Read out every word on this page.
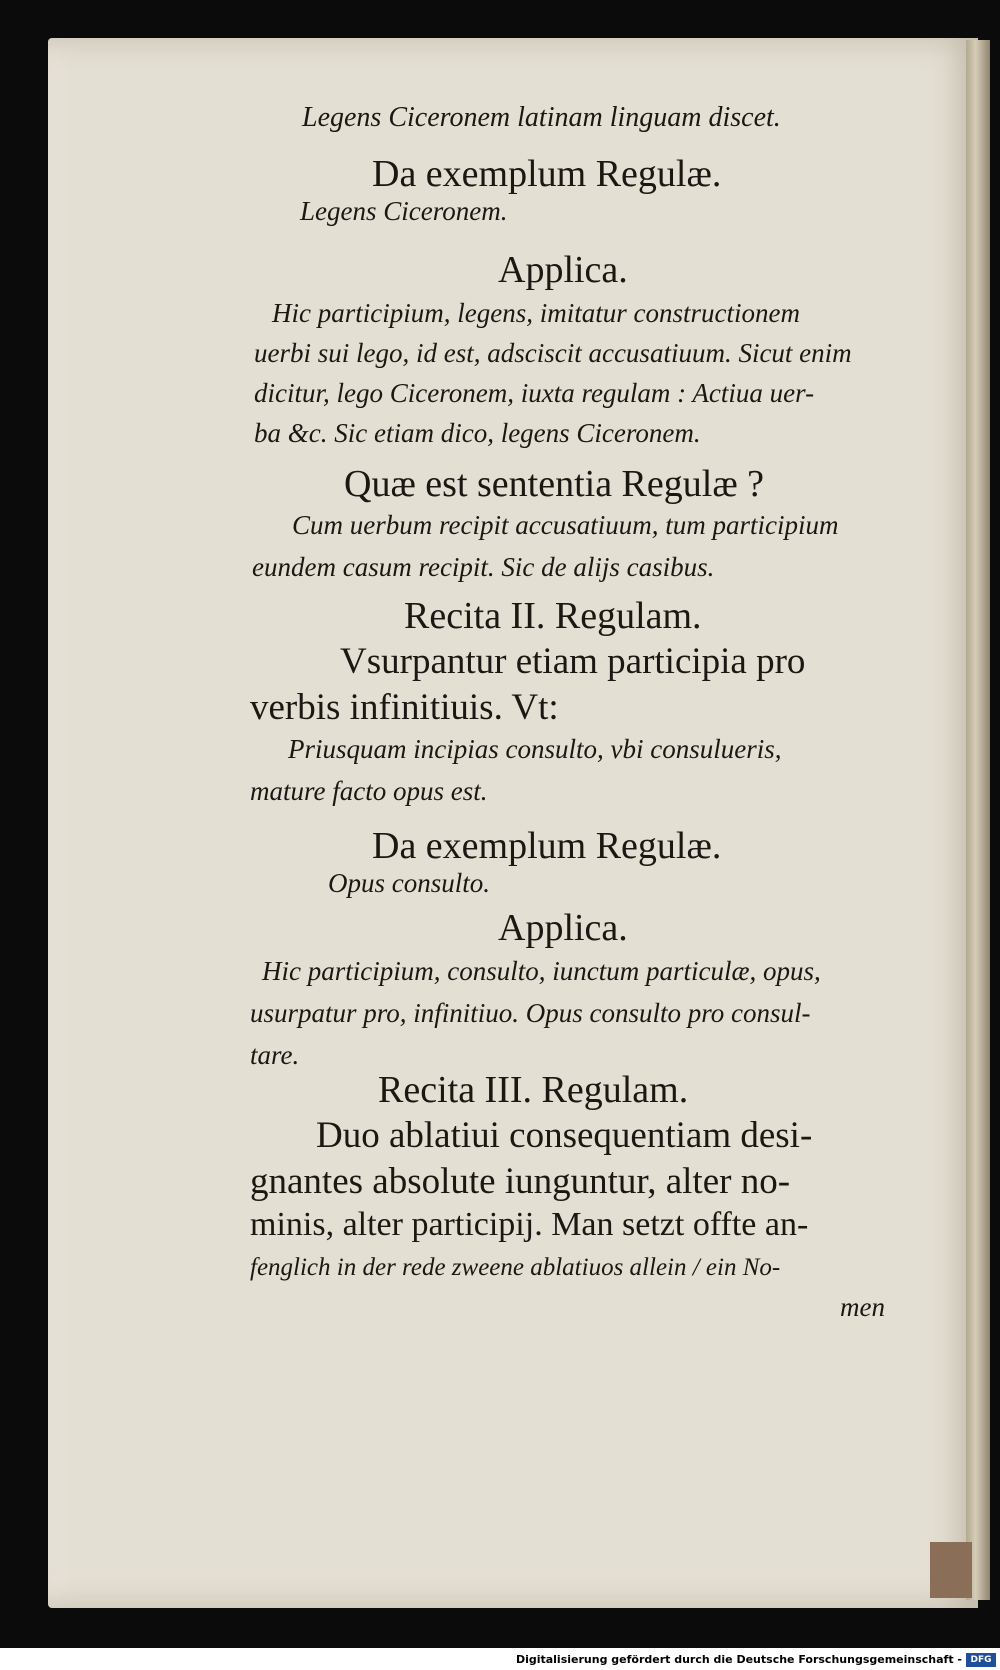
Legens Ciceronem latinam linguam discet.
Da exemplum Regulæ.
Legens Ciceronem.
Applica.
Hic participium, legens, imitatur constructionem
uerbi sui lego, id est, adsciscit accusatiuum. Sicut enim
dicitur, lego Ciceronem, iuxta regulam : Actiua uer-
ba &c. Sic etiam dico, legens Ciceronem.
Quæ est sententia Regulæ ?
Cum uerbum recipit accusatiuum, tum participium
eundem casum recipit. Sic de alijs casibus.
Recita II. Regulam.
Vsurpantur etiam participia pro
verbis infinitiuis. Vt:
Priusquam incipias consulto, vbi consulueris,
mature facto opus est.
Da exemplum Regulæ.
Opus consulto.
Applica.
Hic participium, consulto, iunctum particulæ, opus,
usurpatur pro, infinitiuo. Opus consulto pro consul-
tare.
Recita III. Regulam.
Duo ablatiui consequentiam desi-
gnantes absolute iunguntur, alter no-
minis, alter participij. Man setzt offte an-
fenglich in der rede zweene ablatiuos allein / ein No-
men
Digitalisierung gefördert durch die Deutsche Forschungsgemeinschaft - DFG
